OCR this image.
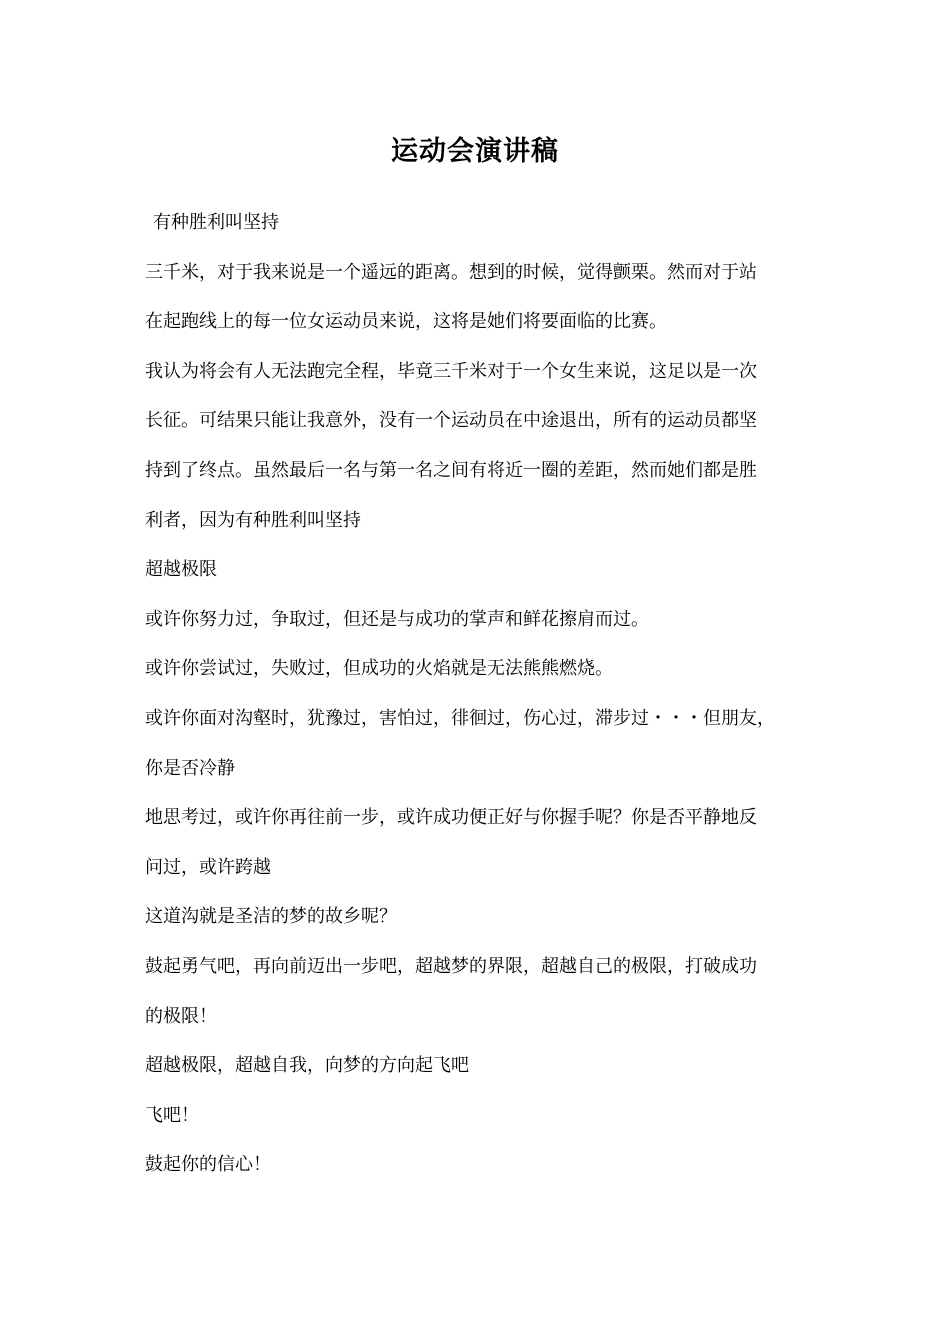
运动会演讲稿
有种胜利叫坚持
三千米，对于我来说是一个遥远的距离。想到的时候，觉得颤栗。然而对于站
在起跑线上的每一位女运动员来说，这将是她们将要面临的比赛。
我认为将会有人无法跑完全程，毕竟三千米对于一个女生来说，这足以是一次
长征。可结果只能让我意外，没有一个运动员在中途退出，所有的运动员都坚
持到了终点。虽然最后一名与第一名之间有将近一圈的差距，然而她们都是胜
利者，因为有种胜利叫坚持
超越极限
或许你努力过，争取过，但还是与成功的掌声和鲜花擦肩而过。
或许你尝试过，失败过，但成功的火焰就是无法熊熊燃烧。
或许你面对沟壑时，犹豫过，害怕过，徘徊过，伤心过，滞步过・・・但朋友，
你是否冷静
地思考过，或许你再往前一步，或许成功便正好与你握手呢？你是否平静地反
问过，或许跨越
这道沟就是圣洁的梦的故乡呢？
鼓起勇气吧，再向前迈出一步吧，超越梦的界限，超越自己的极限，打破成功
的极限！
超越极限，超越自我，向梦的方向起飞吧
飞吧！
鼓起你的信心！
